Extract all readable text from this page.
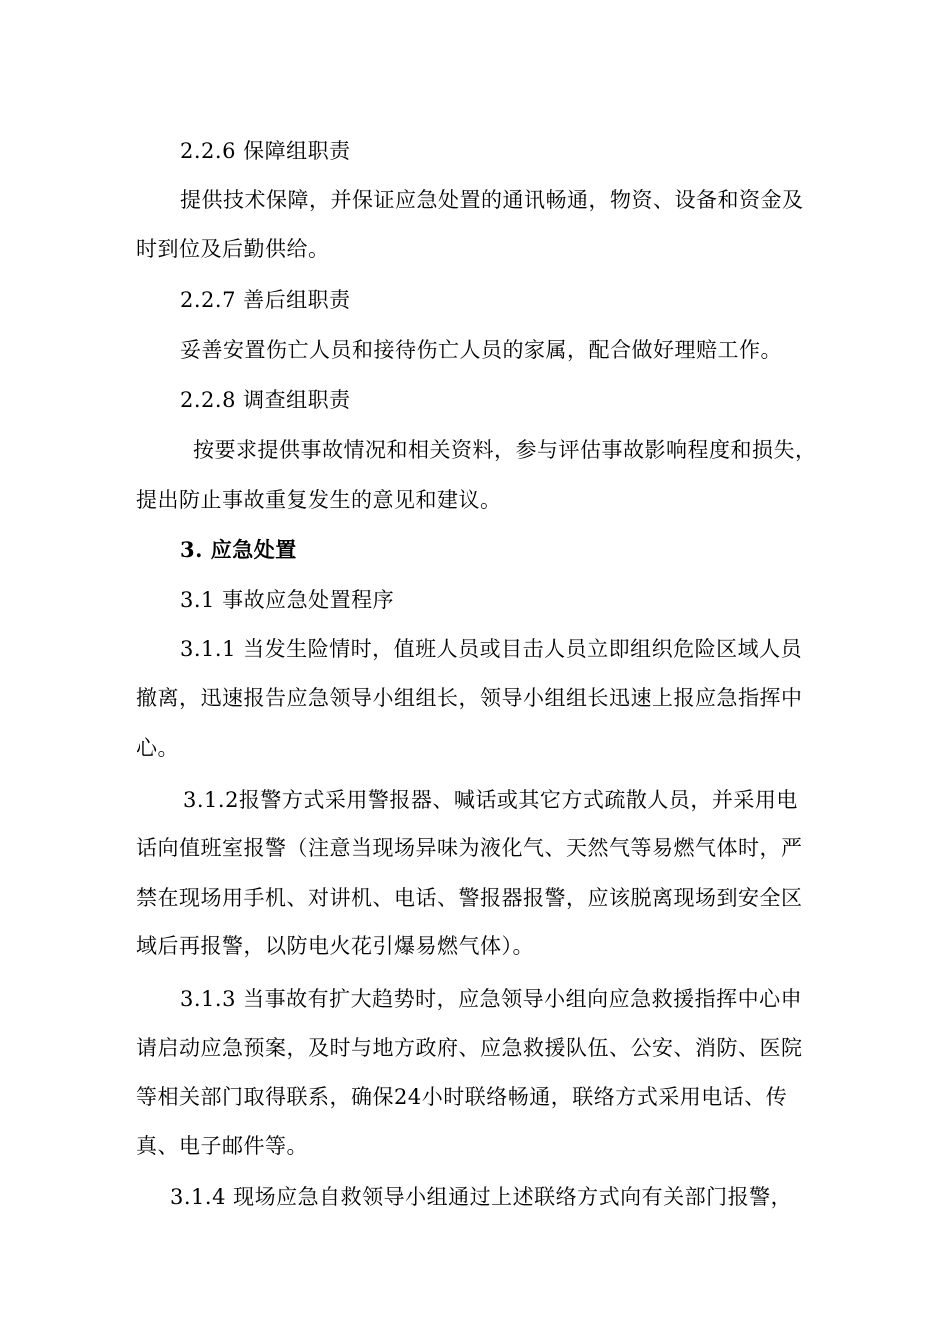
2.2.6 保障组职责
提供技术保障，并保证应急处置的通讯畅通，物资、设备和资金及
时到位及后勤供给。
2.2.7 善后组职责
妥善安置伤亡人员和接待伤亡人员的家属，配合做好理赔工作。
2.2.8 调查组职责
按要求提供事故情况和相关资料，参与评估事故影响程度和损失，
提出防止事故重复发生的意见和建议。
3. 应急处置
3.1 事故应急处置程序
3.1.1 当发生险情时，值班人员或目击人员立即组织危险区域人员
撤离，迅速报告应急领导小组组长，领导小组组长迅速上报应急指挥中
心。
3.1.2报警方式采用警报器、喊话或其它方式疏散人员，并采用电
话向值班室报警（注意当现场异味为液化气、天然气等易燃气体时，严
禁在现场用手机、对讲机、电话、警报器报警，应该脱离现场到安全区
域后再报警，以防电火花引爆易燃气体）。
3.1.3 当事故有扩大趋势时，应急领导小组向应急救援指挥中心申
请启动应急预案，及时与地方政府、应急救援队伍、公安、消防、医院
等相关部门取得联系，确保24小时联络畅通，联络方式采用电话、传
真、电子邮件等。
3.1.4 现场应急自救领导小组通过上述联络方式向有关部门报警，
